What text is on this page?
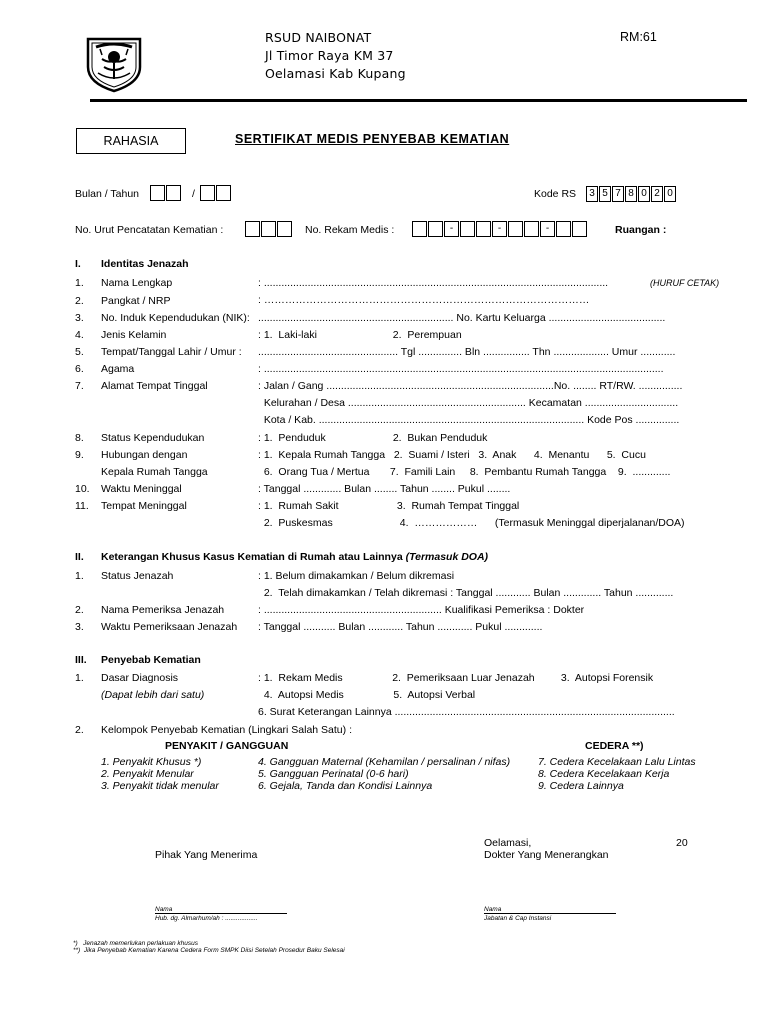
RSUD NAIBONAT
Jl Timor Raya KM 37
Oelamasi Kab Kupang
RM:61
RAHASIA	SERTIFIKAT MEDIS PENYEBAB KEMATIAN
Bulan / Tahun	/	Kode RS	3 5 7 8 0 2 0
No. Urut Pencatatan Kematian :	No. Rekam Medis :	-	-	-	Ruangan :
I. Identitas Jenazah
1. Nama Lengkap	: ......................................................................................................................	(HURUF CETAK)
2. Pangkat / NRP	: …………………………………………………………………………………
3. No. Induk Kependudukan (NIK): ................................................................... No. Kartu Keluarga ........................................
4. Jenis Kelamin	: 1.  Laki-laki                          2.  Perempuan
5. Tempat/Tanggal Lahir / Umur : ................................................ Tgl ............... Bln ................ Thn ................... Umur ............
6. Agama	: .........................................................................................................................................
7. Alamat Tempat Tinggal	: Jalan / Gang ..............................................................................No. ........ RT/RW. ...............
Kelurahan / Desa ............................................................. Kecamatan ................................
Kota / Kab. ........................................................................................... Kode Pos ...............
8. Status Kependudukan	: 1.  Penduduk                       2.  Bukan Penduduk
9. Hubungan dengan	: 1.  Kepala Rumah Tangga   2.  Suami / Isteri   3.  Anak      4.  Menantu      5.  Cucu
Kepala Rumah Tangga	6.  Orang Tua / Mertua       7.  Famili Lain     8.  Pembantu Rumah Tangga    9.  .............
10. Waktu Meninggal	: Tanggal ............. Bulan ........ Tahun ........ Pukul ........
11. Tempat Meninggal	: 1.  Rumah Sakit                    3.  Rumah Tempat Tinggal
2.  Puskesmas                       4.  ………………      (Termasuk Meninggal diperjalanan/DOA)
II. Keterangan Khusus Kasus Kematian di Rumah atau Lainnya (Termasuk DOA)
1. Status Jenazah	: 1. Belum dimakamkan / Belum dikremasi
2.  Telah dimakamkan / Telah dikremasi : Tanggal ............ Bulan ............. Tahun .............
2. Nama Pemeriksa Jenazah	: ............................................................. Kualifikasi Pemeriksa : Dokter
3. Waktu Pemeriksaan Jenazah : Tanggal ........... Bulan ............ Tahun ............ Pukul .............
III. Penyebab Kematian
1. Dasar Diagnosis	: 1.  Rekam Medis                 2.  Pemeriksaan Luar Jenazah         3.  Autopsi Forensik
(Dapat lebih dari satu)	4.  Autopsi Medis                 5.  Autopsi Verbal
6. Surat Keterangan Lainnya ................................................................................................
2. Kelompok Penyebab Kematian (Lingkari Salah Satu) :
PENYAKIT / GANGGUAN	CEDERA **)
1. Penyakit Khusus *)
2. Penyakit Menular
3. Penyakit tidak menular
4. Gangguan Maternal (Kehamilan / persalinan / nifas)
5. Gangguan Perinatal (0-6 hari)
6. Gejala, Tanda dan Kondisi Lainnya
7. Cedera Kecelakaan Lalu Lintas
8. Cedera Kecelakaan Kerja
9. Cedera Lainnya
Oelamasi,	20
Pihak Yang Menerima	Dokter Yang Menerangkan
Nama
Hub. dg. Almarhum/ah : ..................
Nama
Jabatan & Cap Instansi
*)   Jenazah memerlukan perlakuan khusus
**)  Jika Penyebab Kematian Karena Cedera Form SMPK Diisi Setelah Prosedur Baku Selesai
